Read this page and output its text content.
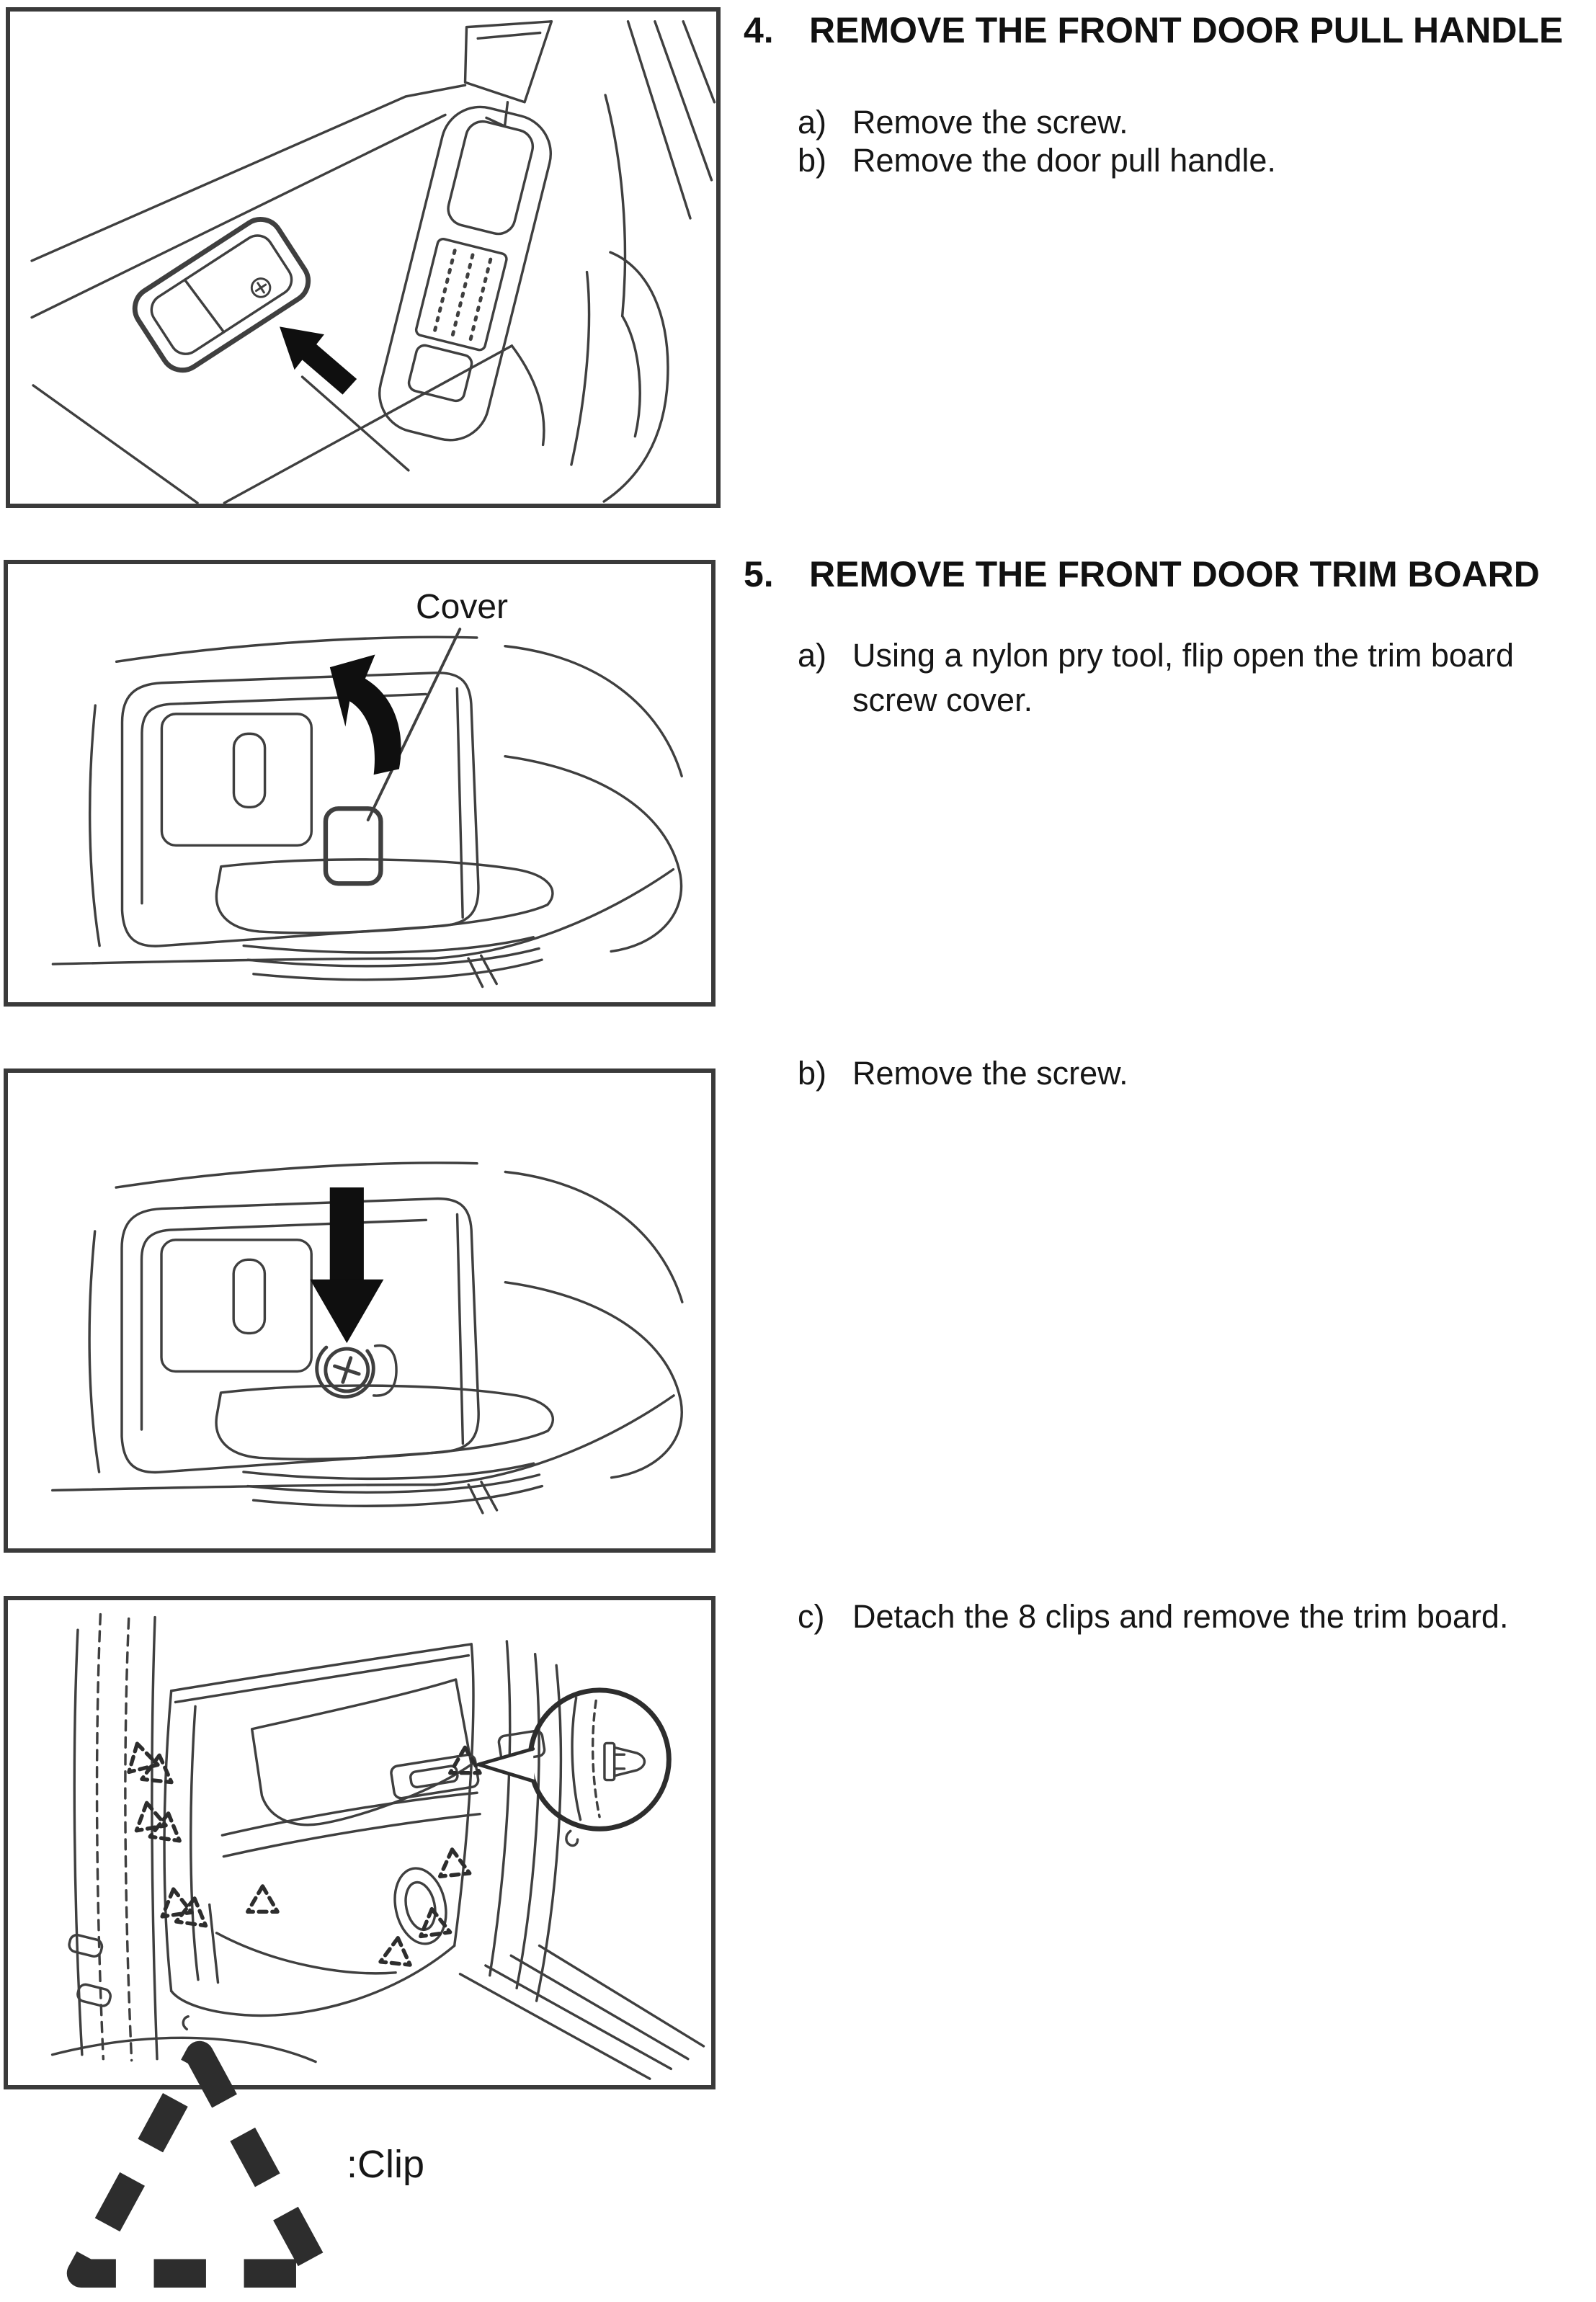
Cover
:Clip
4. REMOVE THE FRONT DOOR PULL HANDLE
a) Remove the screw.
b) Remove the door pull handle.
5. REMOVE THE FRONT DOOR TRIM BOARD
a) Using a nylon pry tool, flip open the trim board screw cover.
b) Remove the screw.
c) Detach the 8 clips and remove the trim board.
